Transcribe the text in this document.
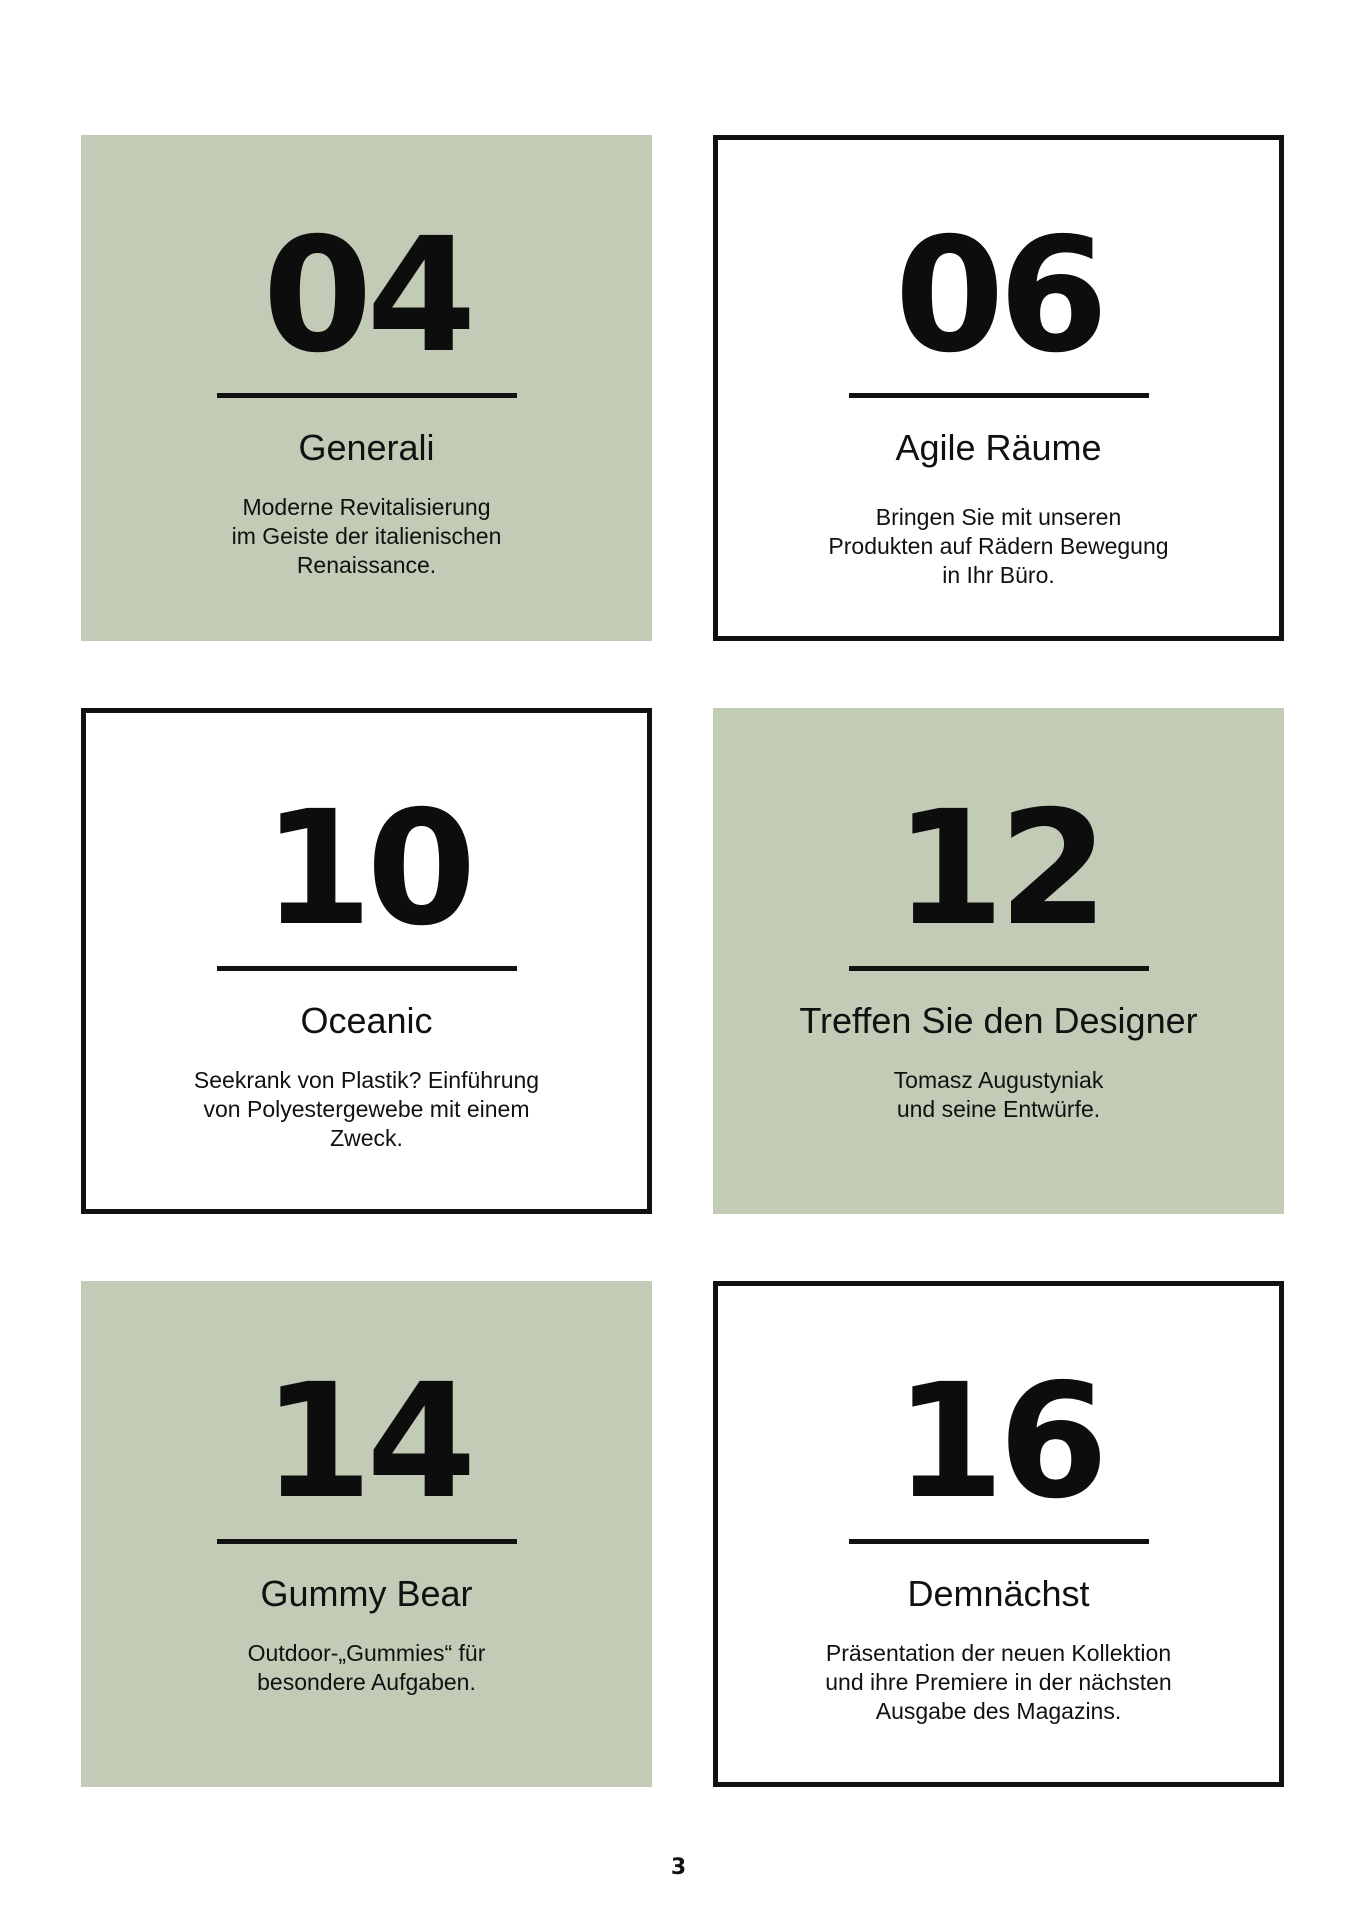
04
Generali
Moderne Revitalisierung
im Geiste der italienischen
Renaissance.
06
Agile Räume
Bringen Sie mit unseren
Produkten auf Rädern Bewegung
in Ihr Büro.
10
Oceanic
Seekrank von Plastik? Einführung
von Polyestergewebe mit einem
Zweck.
12
Treffen Sie den Designer
Tomasz Augustyniak
und seine Entwürfe.
14
Gummy Bear
Outdoor-„Gummies“ für
besondere Aufgaben.
16
Demnächst
Präsentation der neuen Kollektion
und ihre Premiere in der nächsten
Ausgabe des Magazins.
3
